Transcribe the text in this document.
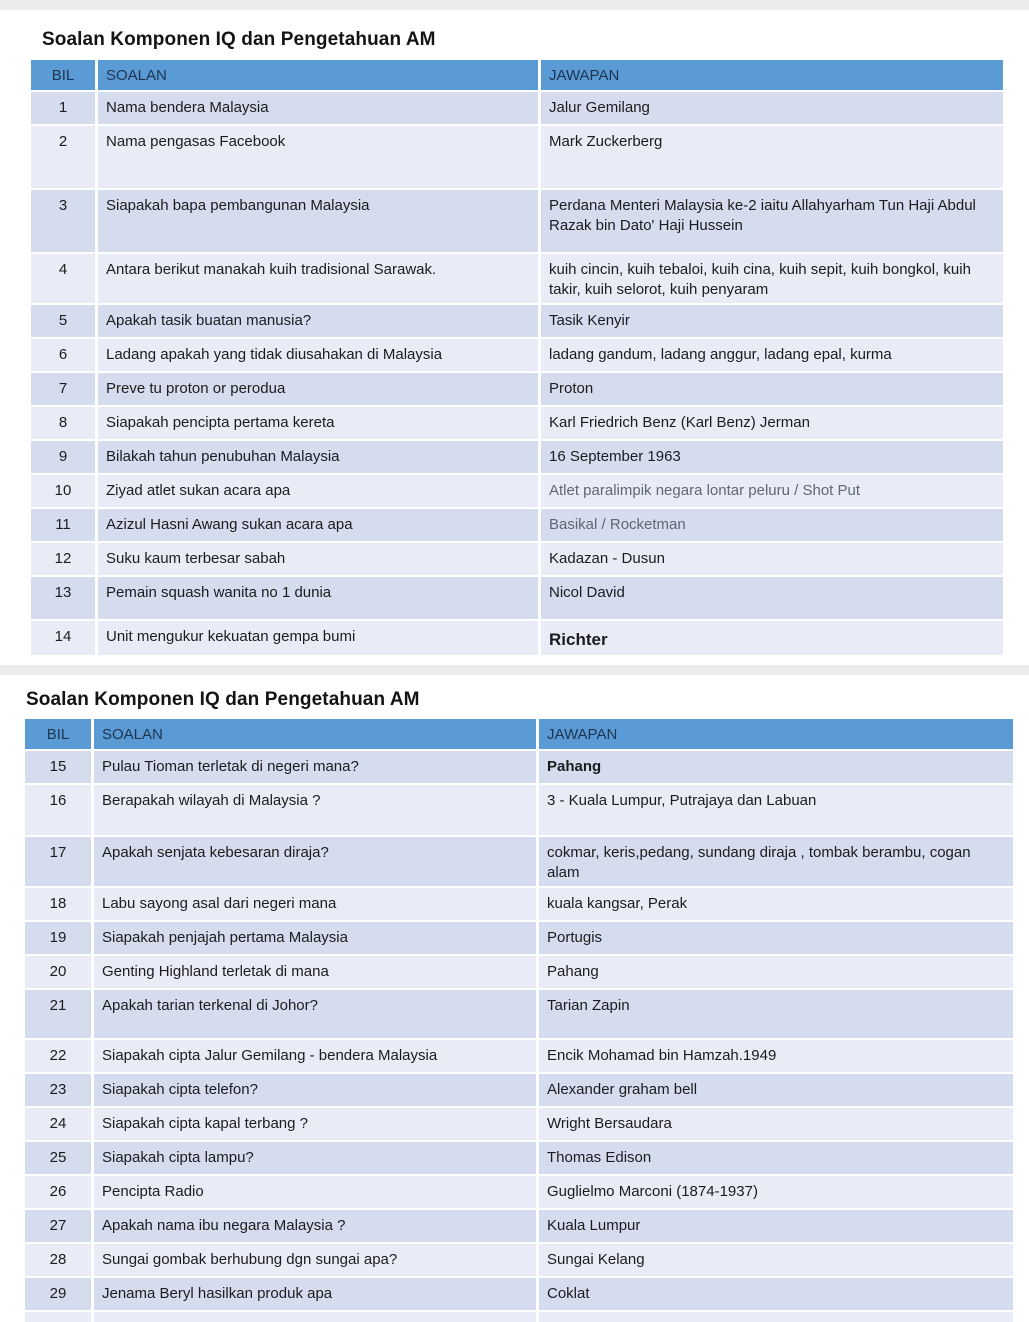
Soalan Komponen IQ dan Pengetahuan AM
BIL	SOALAN	JAWAPAN
1	Nama bendera Malaysia	Jalur Gemilang
2	Nama pengasas Facebook	Mark Zuckerberg
3	Siapakah bapa pembangunan Malaysia	Perdana Menteri Malaysia ke-2 iaitu Allahyarham Tun Haji Abdul Razak bin Dato' Haji Hussein
4	Antara berikut manakah kuih tradisional Sarawak.	kuih cincin, kuih tebaloi, kuih cina, kuih sepit, kuih bongkol, kuih takir, kuih selorot, kuih penyaram
5	Apakah tasik buatan manusia?	Tasik Kenyir
6	Ladang apakah yang tidak diusahakan di Malaysia	ladang gandum, ladang anggur, ladang epal, kurma
7	Preve tu proton or perodua	Proton
8	Siapakah pencipta pertama kereta	Karl Friedrich Benz (Karl Benz) Jerman
9	Bilakah tahun penubuhan Malaysia	16 September 1963
10	Ziyad atlet sukan acara apa	Atlet paralimpik negara lontar peluru / Shot Put
11	Azizul Hasni Awang sukan acara apa	Basikal / Rocketman
12	Suku kaum terbesar sabah	Kadazan - Dusun
13	Pemain squash wanita no 1 dunia	Nicol David
14	Unit mengukur kekuatan gempa bumi	Richter
Soalan Komponen IQ dan Pengetahuan AM
BIL	SOALAN	JAWAPAN
15	Pulau Tioman terletak di negeri mana?	Pahang
16	Berapakah wilayah di Malaysia ?	3 - Kuala Lumpur, Putrajaya dan Labuan
17	Apakah senjata kebesaran diraja?	cokmar, keris,pedang, sundang diraja , tombak berambu, cogan alam
18	Labu sayong asal dari negeri mana	kuala kangsar, Perak
19	Siapakah penjajah pertama Malaysia	Portugis
20	Genting Highland terletak di mana	Pahang
21	Apakah tarian terkenal di Johor?	Tarian Zapin
22	Siapakah cipta Jalur Gemilang - bendera Malaysia	Encik Mohamad bin Hamzah.1949
23	Siapakah cipta telefon?	Alexander graham bell
24	Siapakah cipta kapal terbang ?	Wright Bersaudara
25	Siapakah cipta lampu?	Thomas Edison
26	Pencipta Radio	Guglielmo Marconi (1874-1937)
27	Apakah nama ibu negara Malaysia ?	Kuala Lumpur
28	Sungai gombak berhubung dgn sungai apa?	Sungai Kelang
29	Jenama Beryl hasilkan produk apa	Coklat
